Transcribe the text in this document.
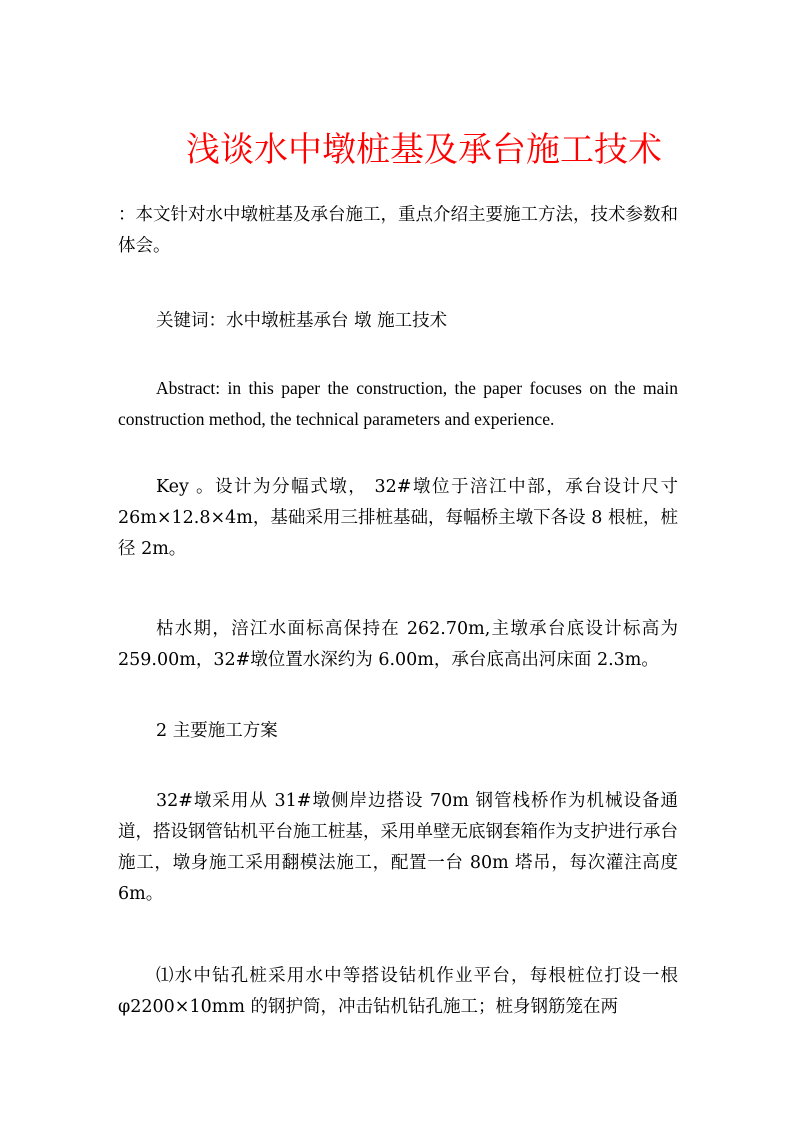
浅谈水中墩桩基及承台施工技术
：本文针对水中墩桩基及承台施工，重点介绍主要施工方法，技术参数和体会。
关键词：水中墩桩基承台 墩 施工技术
Abstract: in this paper the construction, the paper focuses on the main construction method, the technical parameters and experience.
Key 。设计为分幅式墩， 32#墩位于涪江中部，承台设计尺寸26m×12.8×4m，基础采用三排桩基础，每幅桥主墩下各设 8 根桩，桩径 2m。
枯水期，涪江水面标高保持在 262.70m,主墩承台底设计标高为259.00m，32#墩位置水深约为 6.00m，承台底高出河床面 2.3m。
2 主要施工方案
32#墩采用从 31#墩侧岸边搭设 70m 钢管栈桥作为机械设备通道，搭设钢管钻机平台施工桩基，采用单壁无底钢套箱作为支护进行承台施工，墩身施工采用翻模法施工，配置一台 80m 塔吊，每次灌注高度 6m。
⑴水中钻孔桩采用水中等搭设钻机作业平台，每根桩位打设一根φ2200×10mm 的钢护筒，冲击钻机钻孔施工；桩身钢筋笼在两
